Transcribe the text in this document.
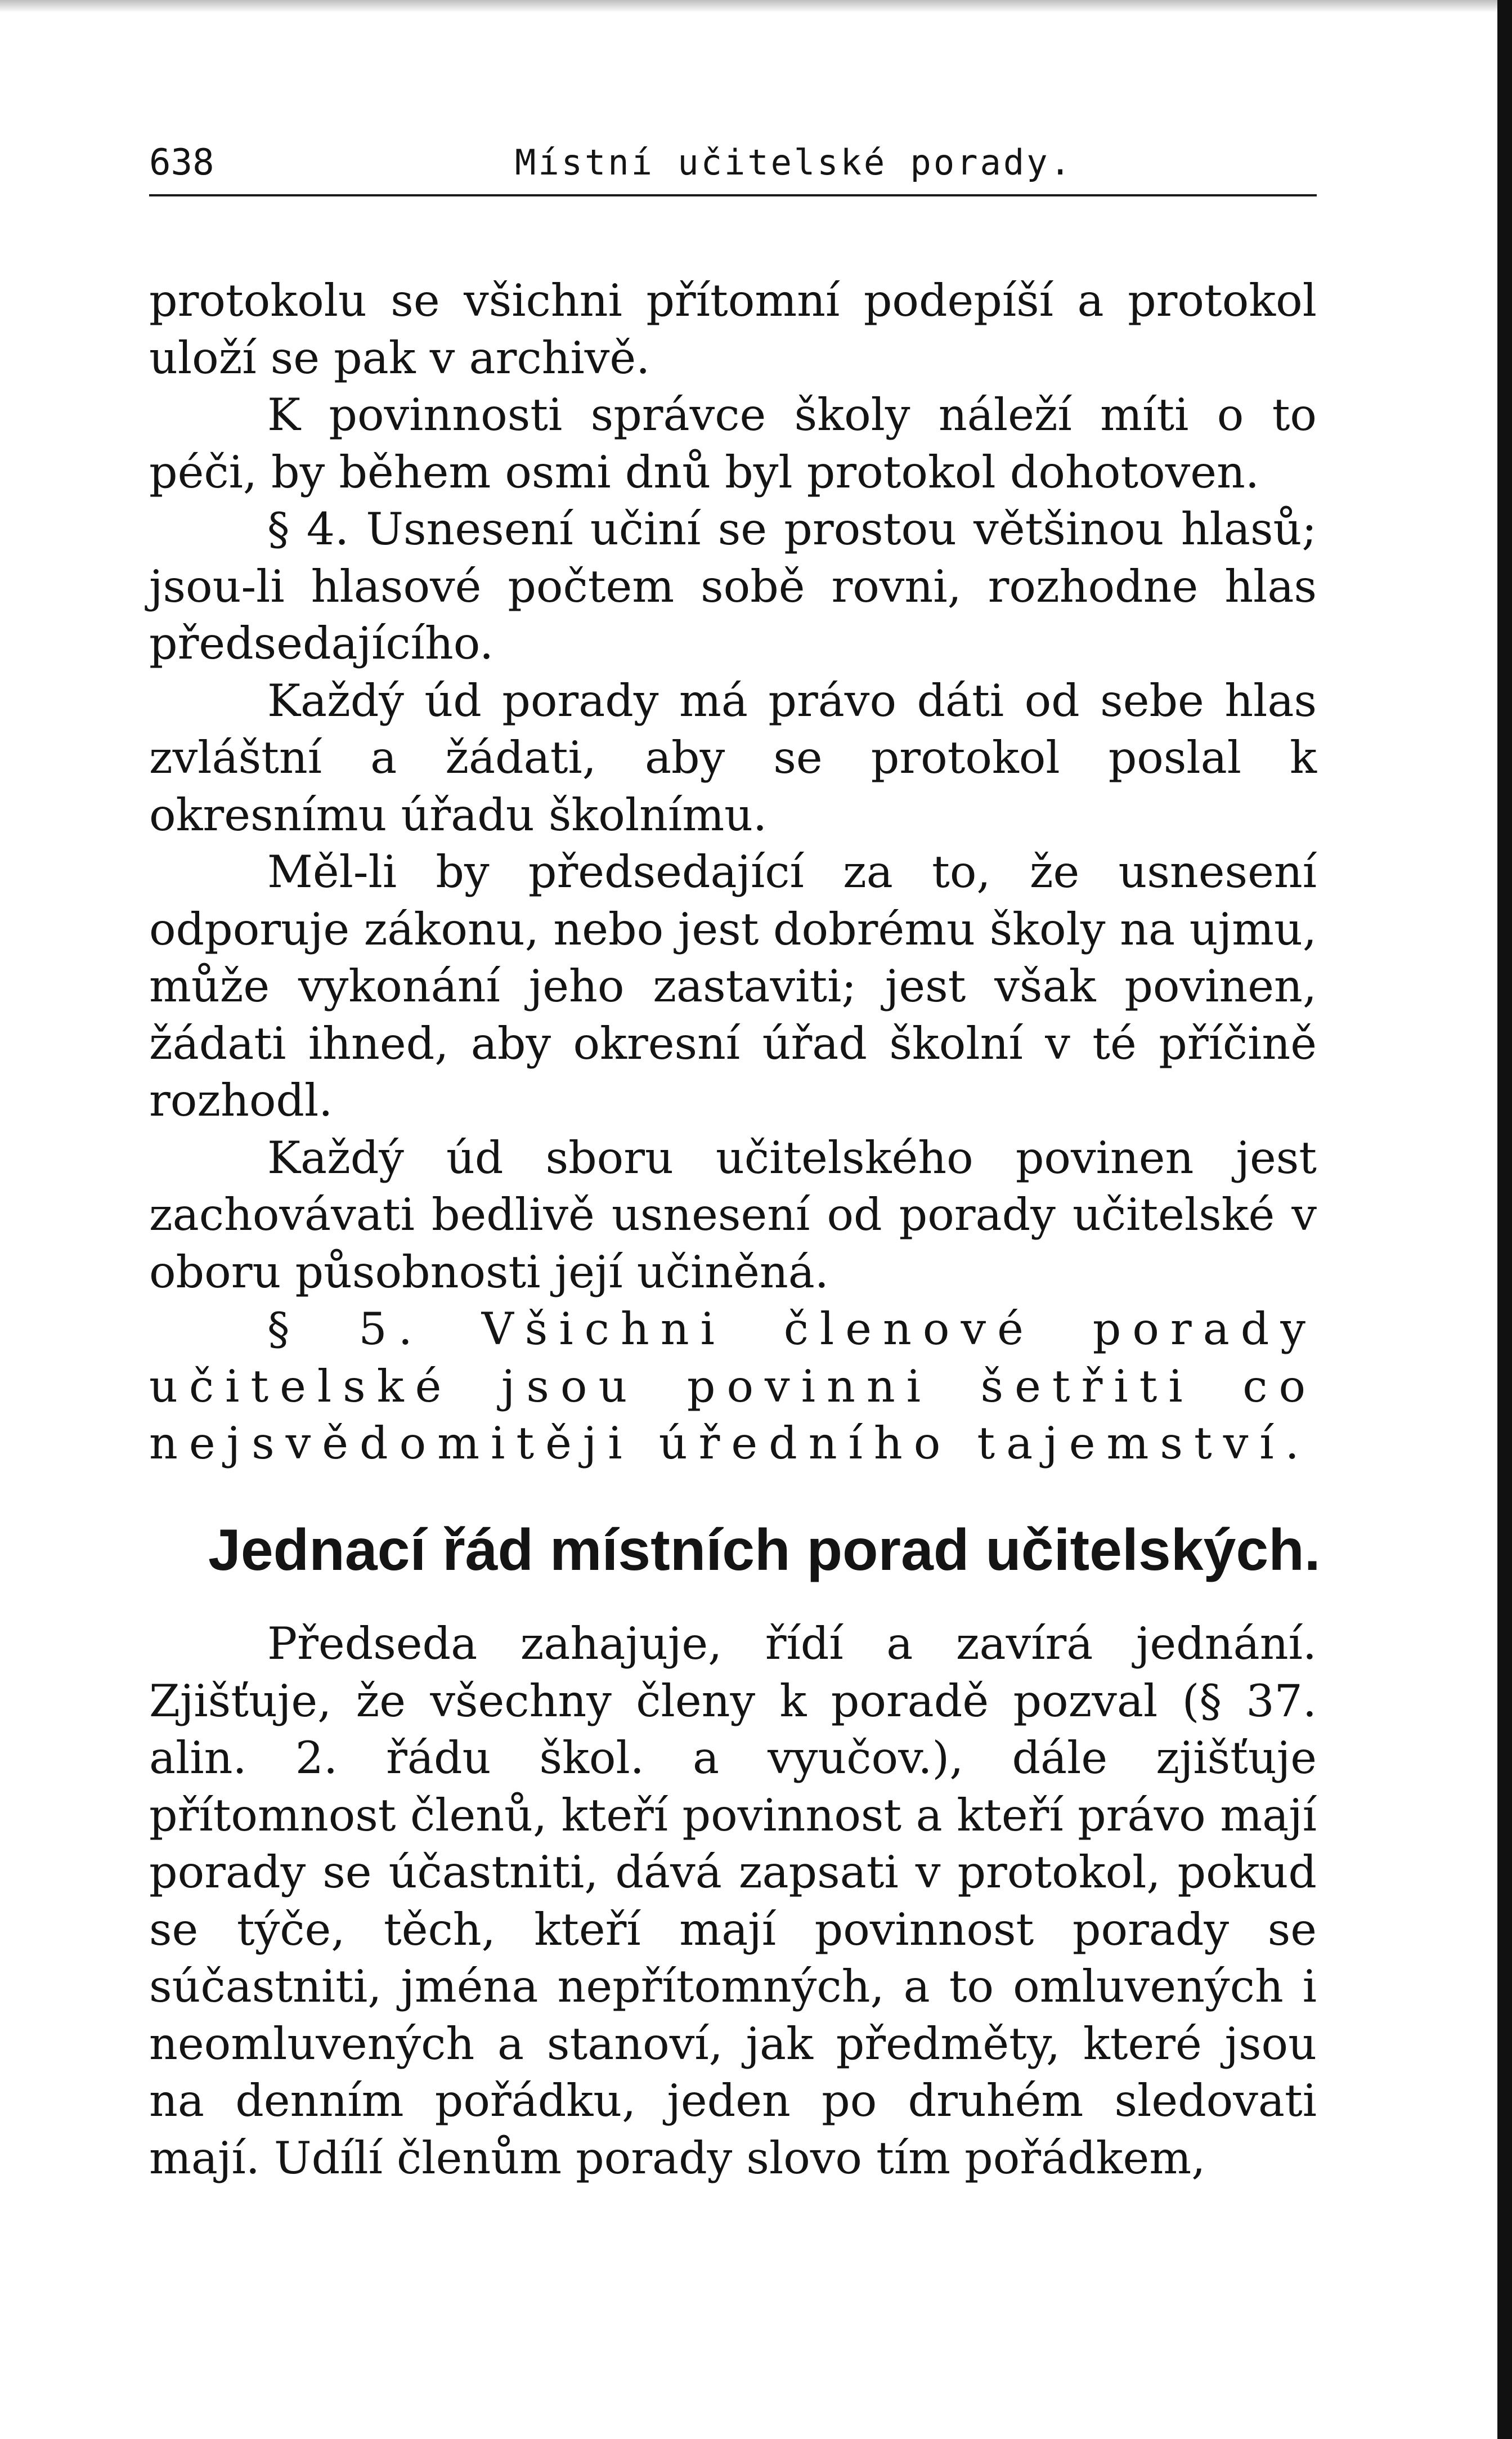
638	Místní učitelské porady.

protokolu se všichni přítomní podepíší a protokol uloží se pak v archivě.

K povinnosti správce školy náleží míti o to péči, by během osmi dnů byl protokol dohotoven.

§ 4. Usnesení učiní se prostou většinou hlasů; jsou-li hlasové počtem sobě rovni, rozhodne hlas předsedajícího.

Každý úd porady má právo dáti od sebe hlas zvláštní a žádati, aby se protokol poslal k okresnímu úřadu školnímu.

Měl-li by předsedající za to, že usnesení odporuje zákonu, nebo jest dobrému školy na ujmu, může vykonání jeho zastaviti; jest však povinen, žádati ihned, aby okresní úřad školní v té příčině rozhodl.

Každý úd sboru učitelského povinen jest zachovávati bedlivě usnesení od porady učitelské v oboru působnosti její učiněná.

§ 5. Všichni členové porady učitelské jsou povinni šetřiti co nejsvědomitěji úředního tajemství.

Jednací řád místních porad učitelských.

Předseda zahajuje, řídí a zavírá jednání. Zjišťuje, že všechny členy k poradě pozval (§ 37. alin. 2. řádu škol. a vyučov.), dále zjišťuje přítomnost členů, kteří povinnost a kteří právo mají porady se účastniti, dává zapsati v protokol, pokud se týče, těch, kteří mají povinnost porady se súčastniti, jména nepřítomných, a to omluvených i neomluvených a stanoví, jak předměty, které jsou na denním pořádku, jeden po druhém sledovati mají. Udílí členům porady slovo tím pořádkem,
